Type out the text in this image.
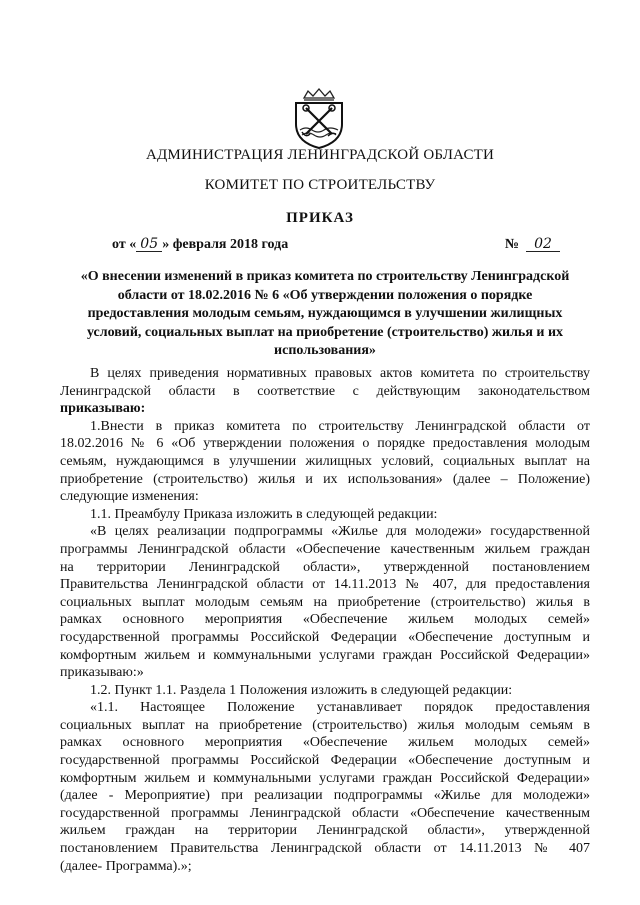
АДМИНИСТРАЦИЯ ЛЕНИНГРАДСКОЙ ОБЛАСТИ
КОМИТЕТ ПО СТРОИТЕЛЬСТВУ
ПРИКАЗ
от « 05 » февраля 2018 года	№ 02
«О внесении изменений в приказ комитета по строительству Ленинградской
области от 18.02.2016 № 6 «Об утверждении положения о порядке
предоставления молодым семьям, нуждающимся в улучшении жилищных
условий, социальных выплат на приобретение (строительство) жилья и их
использования»
В целях приведения нормативных правовых актов комитета по строительству
Ленинградской области в соответствие с действующим законодательством
приказываю:
1.Внести в приказ комитета по строительству Ленинградской области от
18.02.2016 № 6 «Об утверждении положения о порядке предоставления молодым
семьям, нуждающимся в улучшении жилищных условий, социальных выплат на
приобретение (строительство) жилья и их использования» (далее – Положение)
следующие изменения:
1.1. Преамбулу Приказа изложить в следующей редакции:
«В целях реализации подпрограммы «Жилье для молодежи» государственной
программы Ленинградской области «Обеспечение качественным жильем граждан
на территории Ленинградской области», утвержденной постановлением
Правительства Ленинградской области от 14.11.2013 № 407, для предоставления
социальных выплат молодым семьям на приобретение (строительство) жилья в
рамках основного мероприятия «Обеспечение жильем молодых семей»
государственной программы Российской Федерации «Обеспечение доступным и
комфортным жильем и коммунальными услугами граждан Российской Федерации»
приказываю:»
1.2. Пункт 1.1. Раздела 1 Положения изложить в следующей редакции:
«1.1. Настоящее Положение устанавливает порядок предоставления
социальных выплат на приобретение (строительство) жилья молодым семьям в
рамках основного мероприятия «Обеспечение жильем молодых семей»
государственной программы Российской Федерации «Обеспечение доступным и
комфортным жильем и коммунальными услугами граждан Российской Федерации»
(далее - Мероприятие) при реализации подпрограммы «Жилье для молодежи»
государственной программы Ленинградской области «Обеспечение качественным
жильем граждан на территории Ленинградской области», утвержденной
постановлением Правительства Ленинградской области от 14.11.2013 № 407
(далее- Программа).»;
